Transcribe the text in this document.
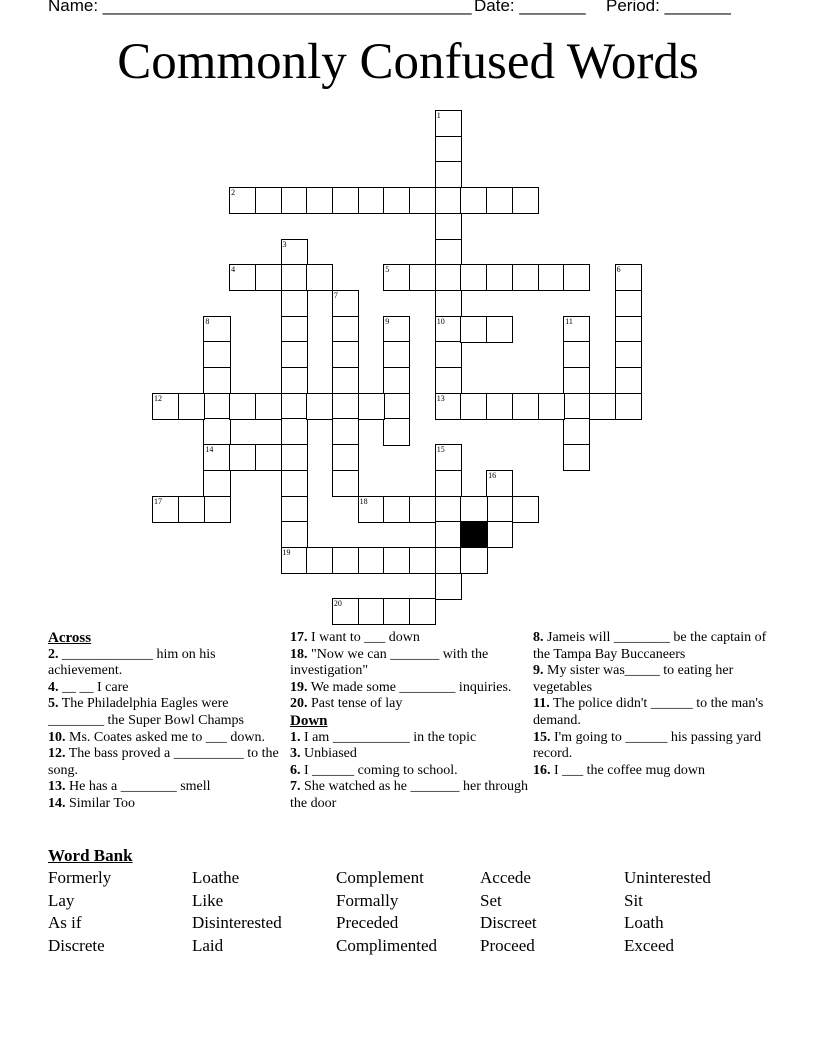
Name: _______________________________________ Date: _______ Period: _______
Commonly Confused Words
1
10
13
2
3
19
4	5	6
7
8
14
9	11
12
15
16
17	18
20
Across
2. _____________ him on his achievement.
4. __ __ I care
5. The Philadelphia Eagles were ________ the Super Bowl Champs
10. Ms. Coates asked me to ___ down.
12. The bass proved a __________ to the song.
13. He has a ________ smell
14. Similar Too
17. I want to ___ down
18. "Now we can _______ with the investigation"
19. We made some ________ inquiries.
20. Past tense of lay
Down
1. I am ___________ in the topic
3. Unbiased
6. I ______ coming to school.
7. She watched as he _______ her through the door
8. Jameis will ________ be the captain of the Tampa Bay Buccaneers
9. My sister was_____ to eating her vegetables
11. The police didn't ______ to the man's demand.
15. I'm going to ______ his passing yard record.
16. I ___ the coffee mug down
Word Bank
Formerly	Loathe	Complement	Accede	Uninterested
Lay	Like	Formally	Set	Sit
As if	Disinterested	Preceded	Discreet	Loath
Discrete	Laid	Complimented	Proceed	Exceed
